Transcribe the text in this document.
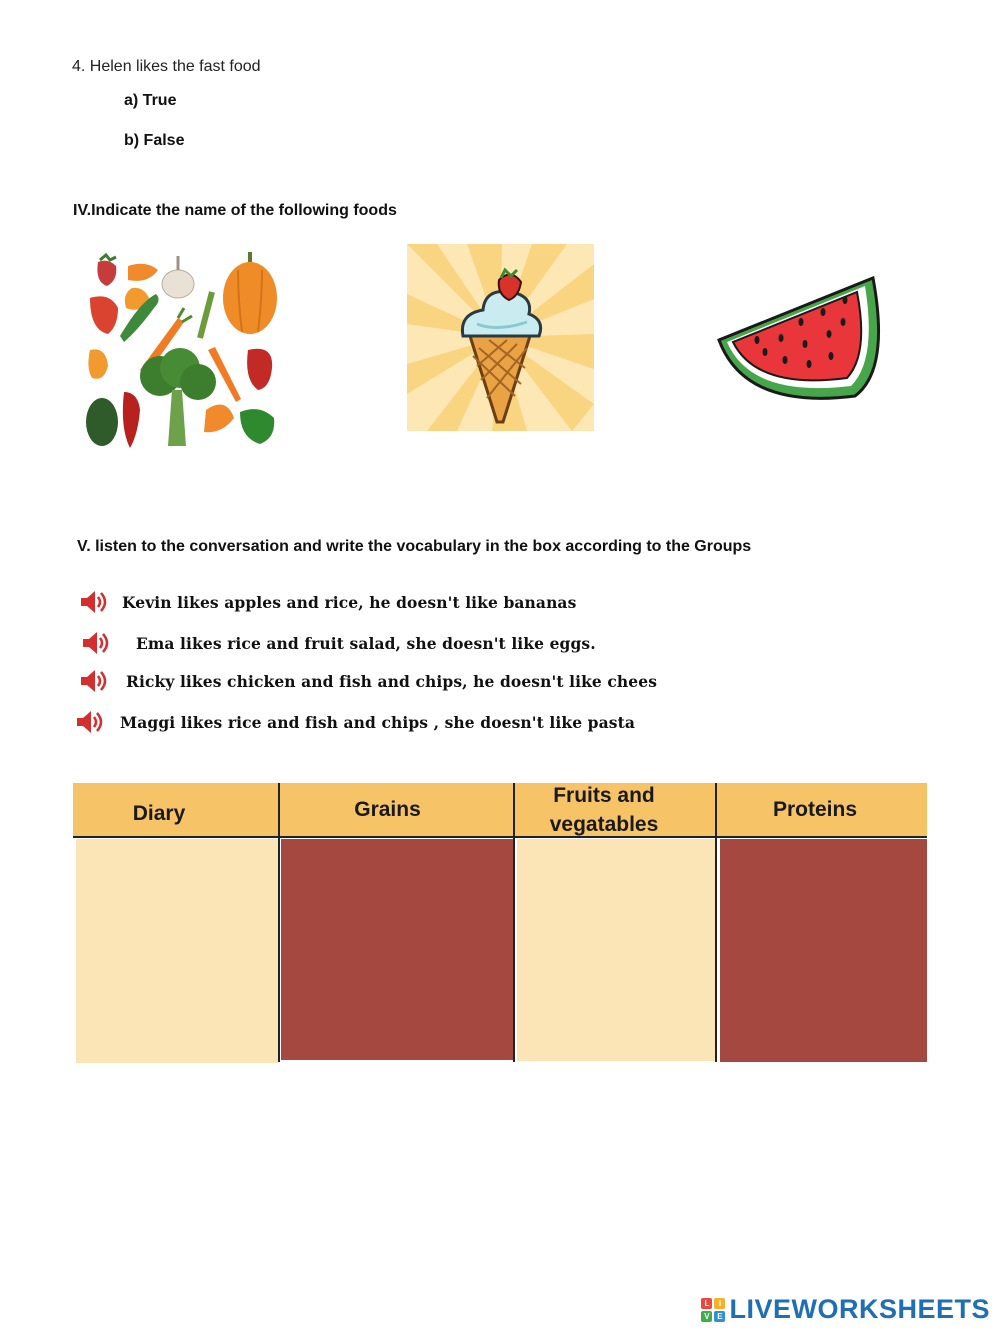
4. Helen likes the fast food
a) True
b) False
IV.Indicate the name of the following foods
V. listen to the conversation and write the vocabulary in the box according to the Groups
Kevin likes apples and rice, he doesn't like bananas
Ema likes rice and fruit salad, she doesn't like eggs.
Ricky likes chicken and fish and chips, he doesn't like chees
Maggi likes rice and fish and chips , she doesn't like pasta
Diary	Grains
Fruits and vegatables
Proteins
L	I
V E LIVEWORKSHEETS
